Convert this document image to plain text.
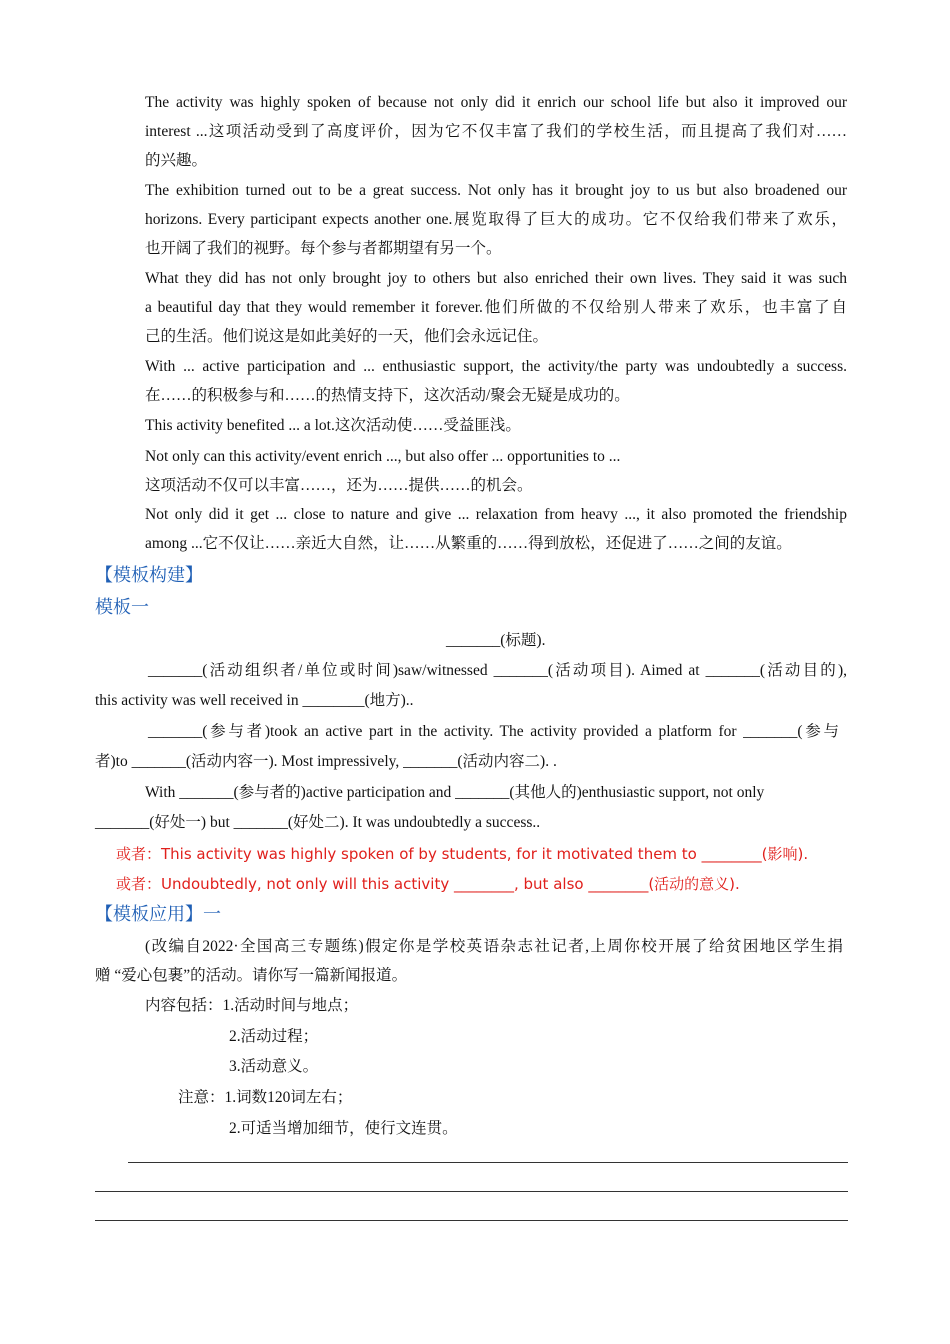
The activity was highly spoken of because not only did it enrich our school life but also it improved our
interest ...这项活动受到了高度评价，因为它不仅丰富了我们的学校生活，而且提高了我们对……
的兴趣。
The exhibition turned out to be a great success. Not only has it brought joy to us but also broadened our
horizons. Every participant expects another one.展览取得了巨大的成功。它不仅给我们带来了欢乐，
也开阔了我们的视野。每个参与者都期望有另一个。
What they did has not only brought joy to others but also enriched their own lives. They said it was such
a beautiful day that they would remember it forever.他们所做的不仅给别人带来了欢乐，也丰富了自
己的生活。他们说这是如此美好的一天，他们会永远记住。
With ... active participation and ... enthusiastic support, the activity/the party was undoubtedly a success.
在……的积极参与和……的热情支持下，这次活动/聚会无疑是成功的。
This activity benefited ... a lot.这次活动使……受益匪浅。
Not only can this activity/event enrich ..., but also offer ... opportunities to ...
这项活动不仅可以丰富……，还为……提供……的机会。
Not only did it get ... close to nature and give ... relaxation from heavy ..., it also promoted the friendship
among ...它不仅让……亲近大自然，让……从繁重的……得到放松，还促进了……之间的友谊。
【模板构建】
模板一
_______(标题).
_______(活动组织者/单位或时间)saw/witnessed _______(活动项目). Aimed at _______(活动目的),
this activity was well received in ________(地方)..
_______(参与者)took an active part in the activity. The activity provided a platform for _______(参与
者)to _______(活动内容一). Most impressively, _______(活动内容二). .
With _______(参与者的)active participation and _______(其他人的)enthusiastic support, not only
_______(好处一) but _______(好处二). It was undoubtedly a success..
或者：This activity was highly spoken of by students, for it motivated them to ________(影响).
或者：Undoubtedly, not only will this activity ________, but also ________(活动的意义).
【模板应用】一
(改编自2022·全国高三专题练)假定你是学校英语杂志社记者,上周你校开展了给贫困地区学生捐
赠 “爱心包裹”的活动。请你写一篇新闻报道。
内容包括：1.活动时间与地点；
2.活动过程；
3.活动意义。
注意：1.词数120词左右；
2.可适当增加细节，使行文连贯。
